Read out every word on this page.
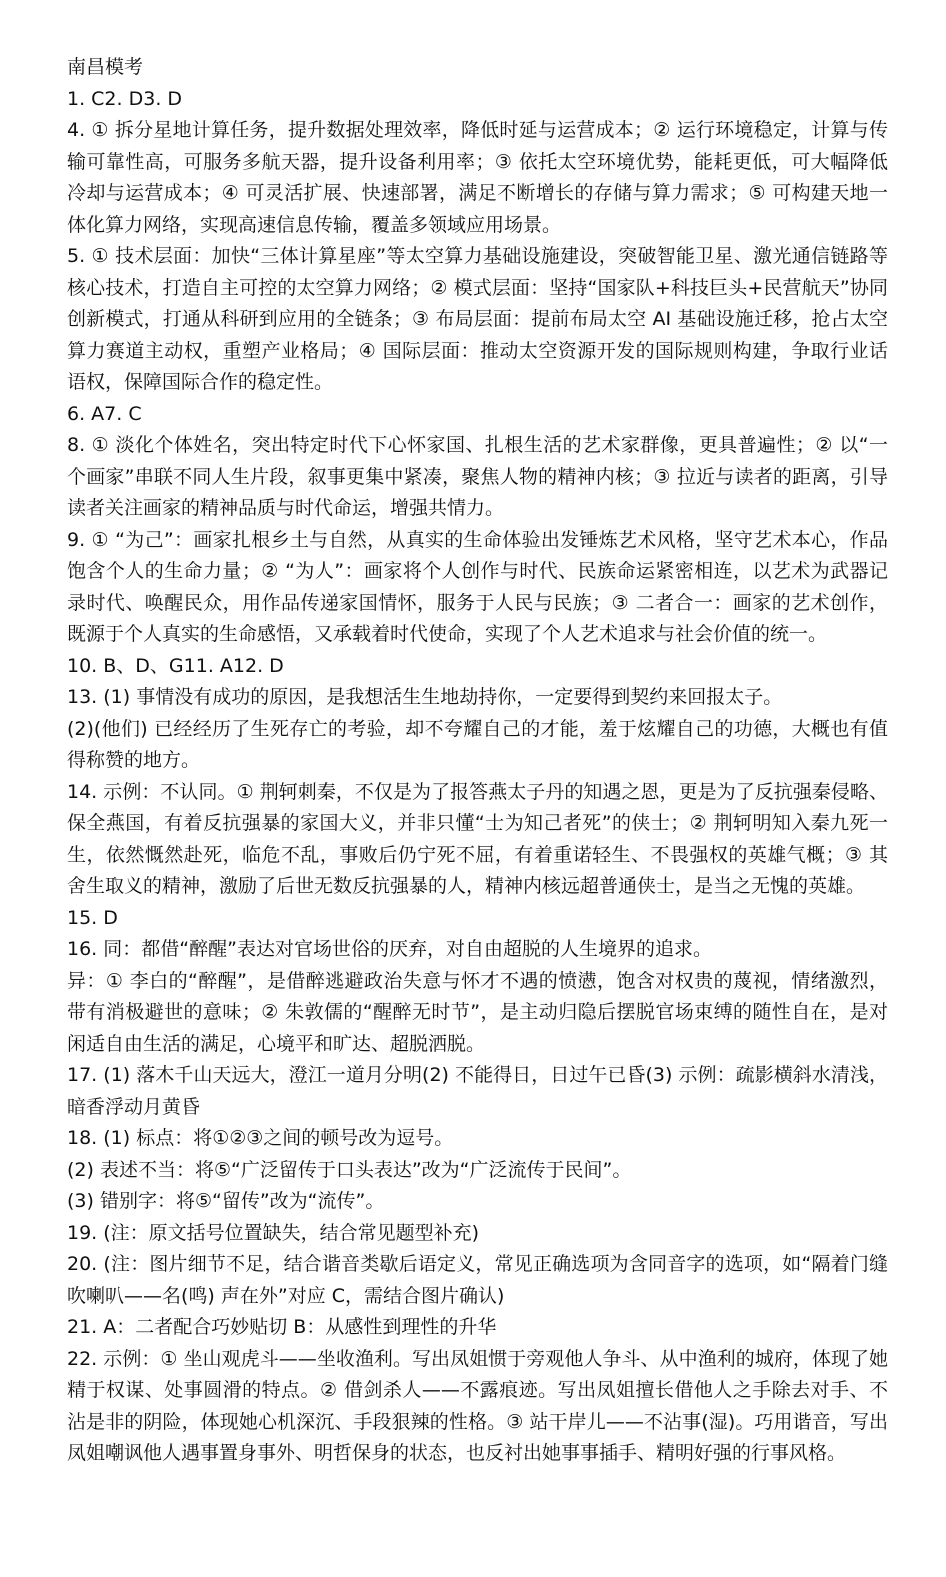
南昌模考
1. C2. D3. D
4. ① 拆分星地计算任务，提升数据处理效率，降低时延与运营成本；② 运行环境稳定，计算与传输可靠性高，可服务多航天器，提升设备利用率；③ 依托太空环境优势，能耗更低，可大幅降低冷却与运营成本；④ 可灵活扩展、快速部署，满足不断增长的存储与算力需求；⑤ 可构建天地一体化算力网络，实现高速信息传输，覆盖多领域应用场景。
5. ① 技术层面：加快“三体计算星座”等太空算力基础设施建设，突破智能卫星、激光通信链路等核心技术，打造自主可控的太空算力网络；② 模式层面：坚持“国家队+科技巨头+民营航天”协同创新模式，打通从科研到应用的全链条；③ 布局层面：提前布局太空 AI 基础设施迁移，抢占太空算力赛道主动权，重塑产业格局；④ 国际层面：推动太空资源开发的国际规则构建，争取行业话语权，保障国际合作的稳定性。
6. A7. C
8. ① 淡化个体姓名，突出特定时代下心怀家国、扎根生活的艺术家群像，更具普遍性；② 以“一个画家”串联不同人生片段，叙事更集中紧凑，聚焦人物的精神内核；③ 拉近与读者的距离，引导读者关注画家的精神品质与时代命运，增强共情力。
9. ① “为己”：画家扎根乡土与自然，从真实的生命体验出发锤炼艺术风格，坚守艺术本心，作品饱含个人的生命力量；② “为人”：画家将个人创作与时代、民族命运紧密相连，以艺术为武器记录时代、唤醒民众，用作品传递家国情怀，服务于人民与民族；③ 二者合一：画家的艺术创作，既源于个人真实的生命感悟，又承载着时代使命，实现了个人艺术追求与社会价值的统一。
10. B、D、G11. A12. D
13. (1) 事情没有成功的原因，是我想活生生地劫持你，一定要得到契约来回报太子。
(2)(他们) 已经经历了生死存亡的考验，却不夸耀自己的才能，羞于炫耀自己的功德，大概也有值得称赞的地方。
14. 示例：不认同。① 荆轲刺秦，不仅是为了报答燕太子丹的知遇之恩，更是为了反抗强秦侵略、保全燕国，有着反抗强暴的家国大义，并非只懂“士为知己者死”的侠士；② 荆轲明知入秦九死一生，依然慨然赴死，临危不乱，事败后仍宁死不屈，有着重诺轻生、不畏强权的英雄气概；③ 其舍生取义的精神，激励了后世无数反抗强暴的人，精神内核远超普通侠士，是当之无愧的英雄。
15. D
16. 同：都借“醉醒”表达对官场世俗的厌弃，对自由超脱的人生境界的追求。
异：① 李白的“醉醒”，是借醉逃避政治失意与怀才不遇的愤懑，饱含对权贵的蔑视，情绪激烈，带有消极避世的意味；② 朱敦儒的“醒醉无时节”，是主动归隐后摆脱官场束缚的随性自在，是对闲适自由生活的满足，心境平和旷达、超脱洒脱。
17. (1) 落木千山天远大，澄江一道月分明(2) 不能得日，日过午已昏(3) 示例：疏影横斜水清浅，暗香浮动月黄昏
18. (1) 标点：将①②③之间的顿号改为逗号。
(2) 表述不当：将⑤“广泛留传于口头表达”改为“广泛流传于民间”。
(3) 错别字：将⑤“留传”改为“流传”。
19. (注：原文括号位置缺失，结合常见题型补充)
20. (注：图片细节不足，结合谐音类歇后语定义，常见正确选项为含同音字的选项，如“隔着门缝吹喇叭——名(鸣) 声在外”对应 C，需结合图片确认)
21. A：二者配合巧妙贴切 B：从感性到理性的升华
22. 示例：① 坐山观虎斗——坐收渔利。写出凤姐惯于旁观他人争斗、从中渔利的城府，体现了她精于权谋、处事圆滑的特点。② 借剑杀人——不露痕迹。写出凤姐擅长借他人之手除去对手、不沾是非的阴险，体现她心机深沉、手段狠辣的性格。③ 站干岸儿——不沾事(湿)。巧用谐音，写出凤姐嘲讽他人遇事置身事外、明哲保身的状态，也反衬出她事事插手、精明好强的行事风格。
